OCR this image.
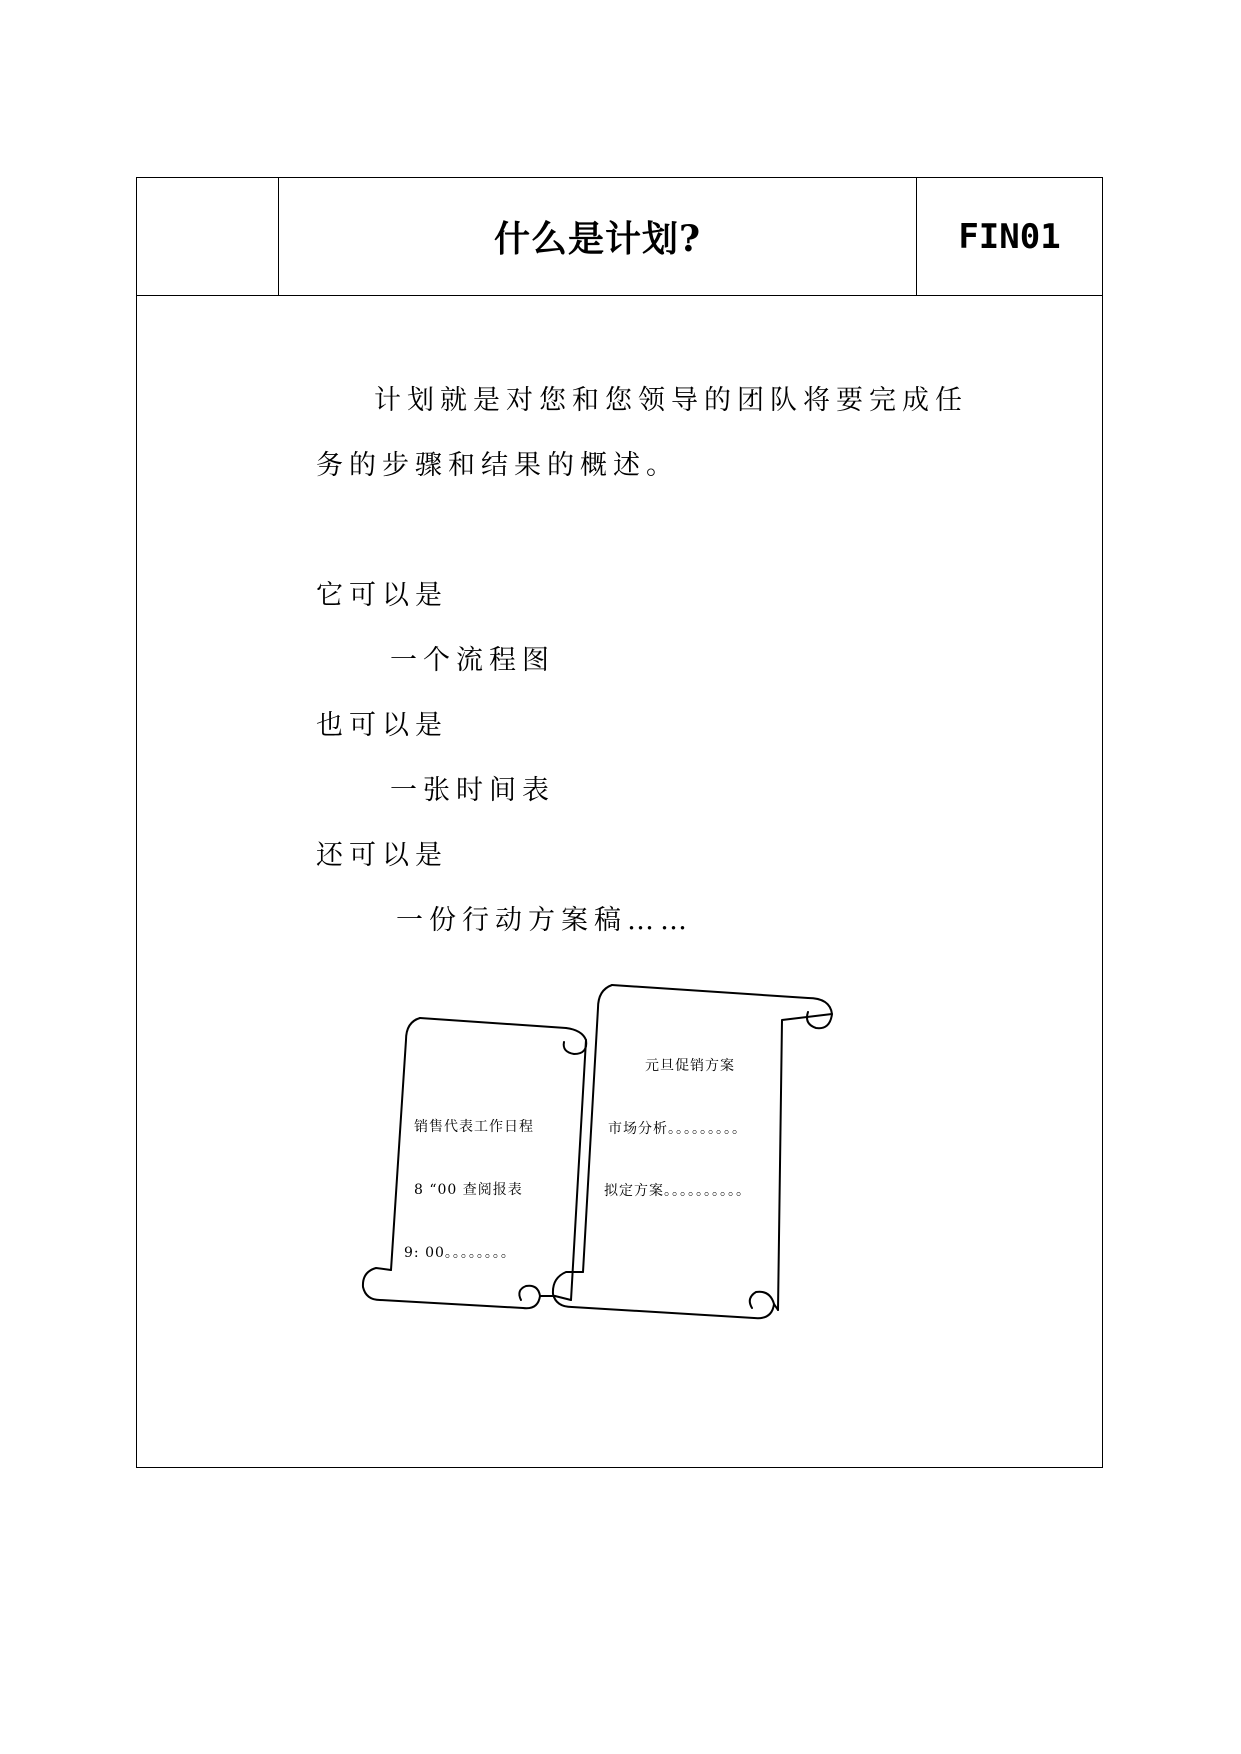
什么是计划?	FIN01
计划就是对您和您领导的团队将要完成任
务的步骤和结果的概述。
它可以是
一个流程图
也可以是
一张时间表
还可以是
一份行动方案稿……
销售代表工作日程
8 “00 查阅报表
9: 00。。。。。。。。
元旦促销方案
市场分析。。。。。。。。。
拟定方案。。。。。。。。。。
